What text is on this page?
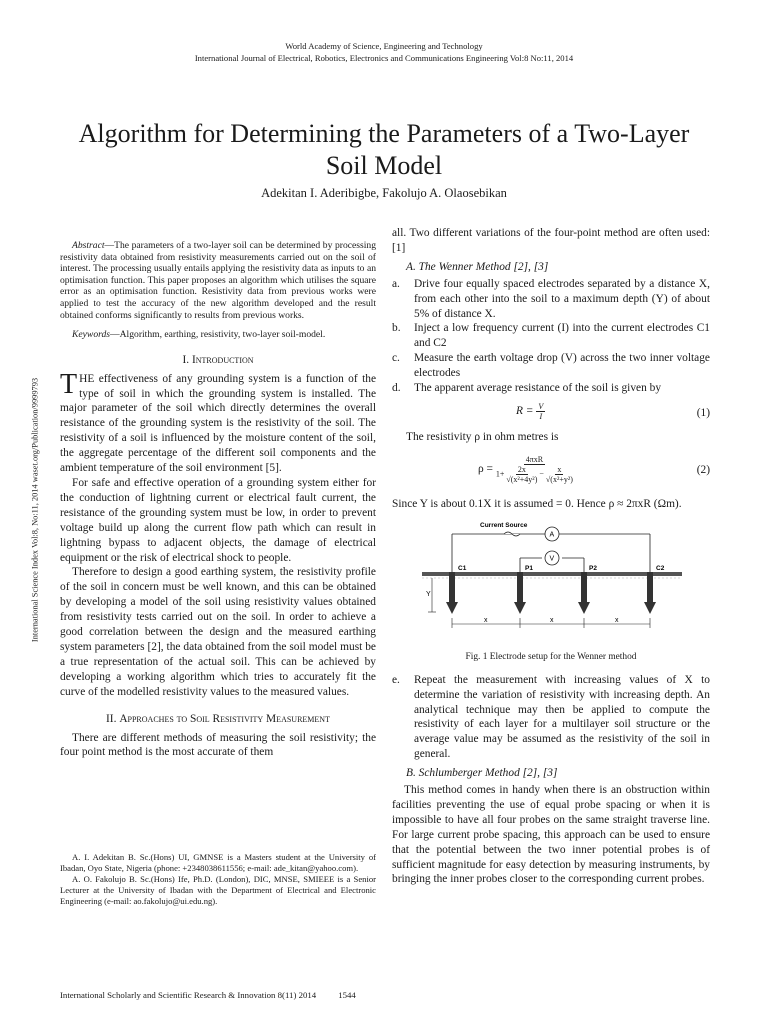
World Academy of Science, Engineering and Technology
International Journal of Electrical, Robotics, Electronics and Communications Engineering Vol:8 No:11, 2014
Algorithm for Determining the Parameters of a Two-Layer Soil Model
Adekitan I. Aderibigbe, Fakolujo A. Olaosebikan
International Science Index Vol:8, No:11, 2014 waset.org/Publication/9999793

Abstract—The parameters of a two-layer soil can be determined by processing resistivity data obtained from resistivity measurements carried out on the soil of interest. The processing usually entails applying the resistivity data as inputs to an optimisation function. This paper proposes an algorithm which utilises the square error as an optimisation function. Resistivity data from previous works were applied to test the accuracy of the new algorithm developed and the result obtained conforms significantly to results from previous works.

Keywords—Algorithm, earthing, resistivity, two-layer soil-model.

I. Introduction

THE effectiveness of any grounding system is a function of the type of soil in which the grounding system is installed. The major parameter of the soil which directly determines the overall resistance of the grounding system is the resistivity of the soil. The resistivity of a soil is influenced by the moisture content of the soil, the aggregate percentage of the different soil components and the ambient temperature of the soil environment [5].

For safe and effective operation of a grounding system either for the conduction of lightning current or electrical fault current, the resistance of the grounding system must be low, in order to prevent voltage build up along the current flow path which can result in lightning bypass to adjacent objects, the damage of electrical equipment or the risk of electrical shock to people.

Therefore to design a good earthing system, the resistivity profile of the soil in concern must be well known, and this can be obtained by developing a model of the soil using resistivity values obtained from resistivity tests carried out on the soil. In order to achieve a good correlation between the design and the measured earthing system parameters [2], the data obtained from the soil model must be a true representation of the actual soil. This can be achieved by developing a working algorithm which tries to accurately fit the curve of the modelled resistivity values to the measured values.

II. Approaches to Soil Resistivity Measurement

There are different methods of measuring the soil resistivity; the four point method is the most accurate of them

A. I. Adekitan B. Sc.(Hons) UI, GMNSE is a Masters student at the University of Ibadan, Oyo State, Nigeria (phone: +2348038611556; e-mail: ade_kitan@yahoo.com).

A. O. Fakolujo B. Sc.(Hons) Ife, Ph.D. (London), DIC, MNSE, SMIEEE is a Senior Lecturer at the University of Ibadan with the Department of Electrical and Electronic Engineering (e-mail: ao.fakolujo@ui.edu.ng).

all. Two different variations of the four-point method are often used: [1]

A. The Wenner Method [2], [3]
a.	Drive four equally spaced electrodes separated by a distance X, from each other into the soil to a maximum depth (Y) of about 5% of distance X.
b.	Inject a low frequency current (I) into the current electrodes C1 and C2
c.	Measure the earth voltage drop (V) across the two inner voltage electrodes
d.	The apparent average resistance of the soil is given by
$R = \frac{V}{I}$	(1)

The resistivity ρ in ohm metres is

$\rho = \frac{\text{4πxR}}{1+ \frac{2x}{\text{√(x²+4y²)}} - \frac{x}{\text{√(x²+y²)}}}$	(2)

Since Y is about 0.1X it is assumed = 0. Hence ρ ≈ 2πxR (Ωm).

Current Source
A
V
C1	P1	P2	C2
Y
x	x	x
Fig. 1 Electrode setup for the Wenner method
e.	Repeat the measurement with increasing values of X to determine the variation of resistivity with increasing depth. An analytical technique may then be applied to compute the resistivity of each layer for a multilayer soil structure or the average value may be assumed as the resistivity of the soil in general.
B. Schlumberger Method [2], [3]

This method comes in handy when there is an obstruction within facilities preventing the use of equal probe spacing or when it is impossible to have all four probes on the same straight traverse line. For large current probe spacing, this approach can be used to ensure that the potential between the two inner potential probes is of sufficient magnitude for easy detection by measuring instruments, by bringing the inner probes closer to the corresponding current probes.

International Scholarly and Scientific Research & Innovation 8(11) 2014	1544
